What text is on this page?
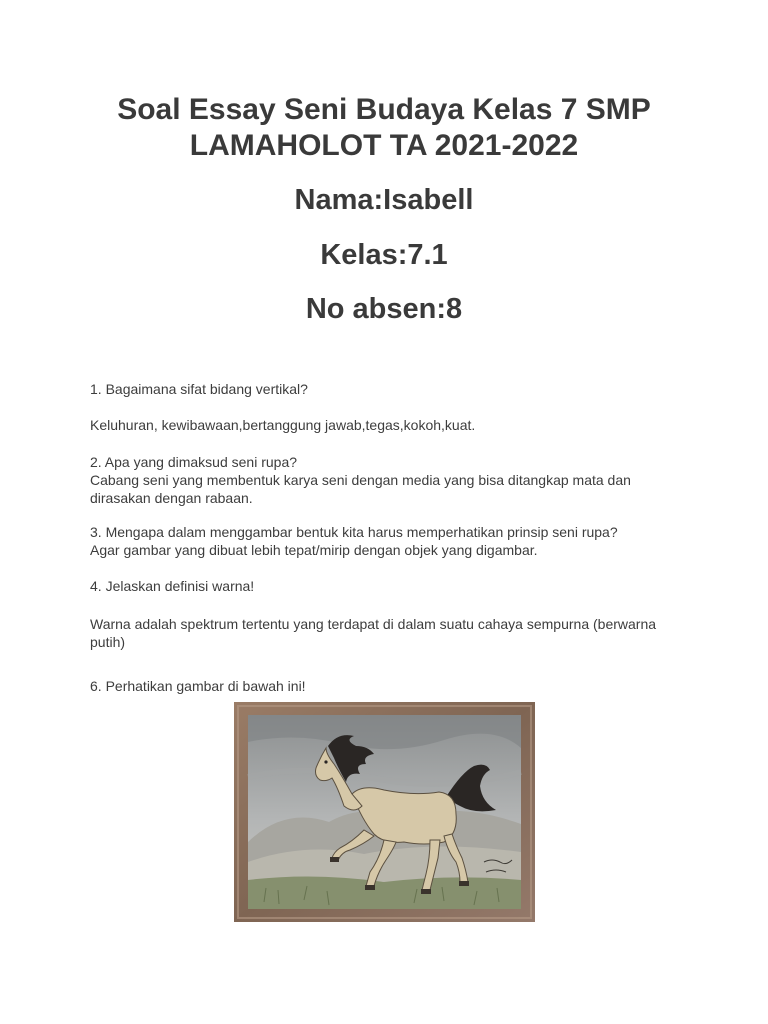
Soal Essay Seni Budaya Kelas 7 SMP
LAMAHOLOT TA 2021-2022
Nama:Isabell
Kelas:7.1
No absen:8

1. Bagaimana sifat bidang vertikal?

Keluhuran, kewibawaan,bertanggung jawab,tegas,kokoh,kuat.

2. Apa yang dimaksud seni rupa?

Cabang seni yang membentuk karya seni dengan media yang bisa ditangkap mata dan dirasakan dengan rabaan.

3. Mengapa dalam menggambar bentuk kita harus memperhatikan prinsip seni rupa?

Agar gambar yang dibuat lebih tepat/mirip dengan objek yang digambar.

4. Jelaskan definisi warna!

Warna adalah spektrum tertentu yang terdapat di dalam suatu cahaya sempurna (berwarna putih)

6. Perhatikan gambar di bawah ini!
